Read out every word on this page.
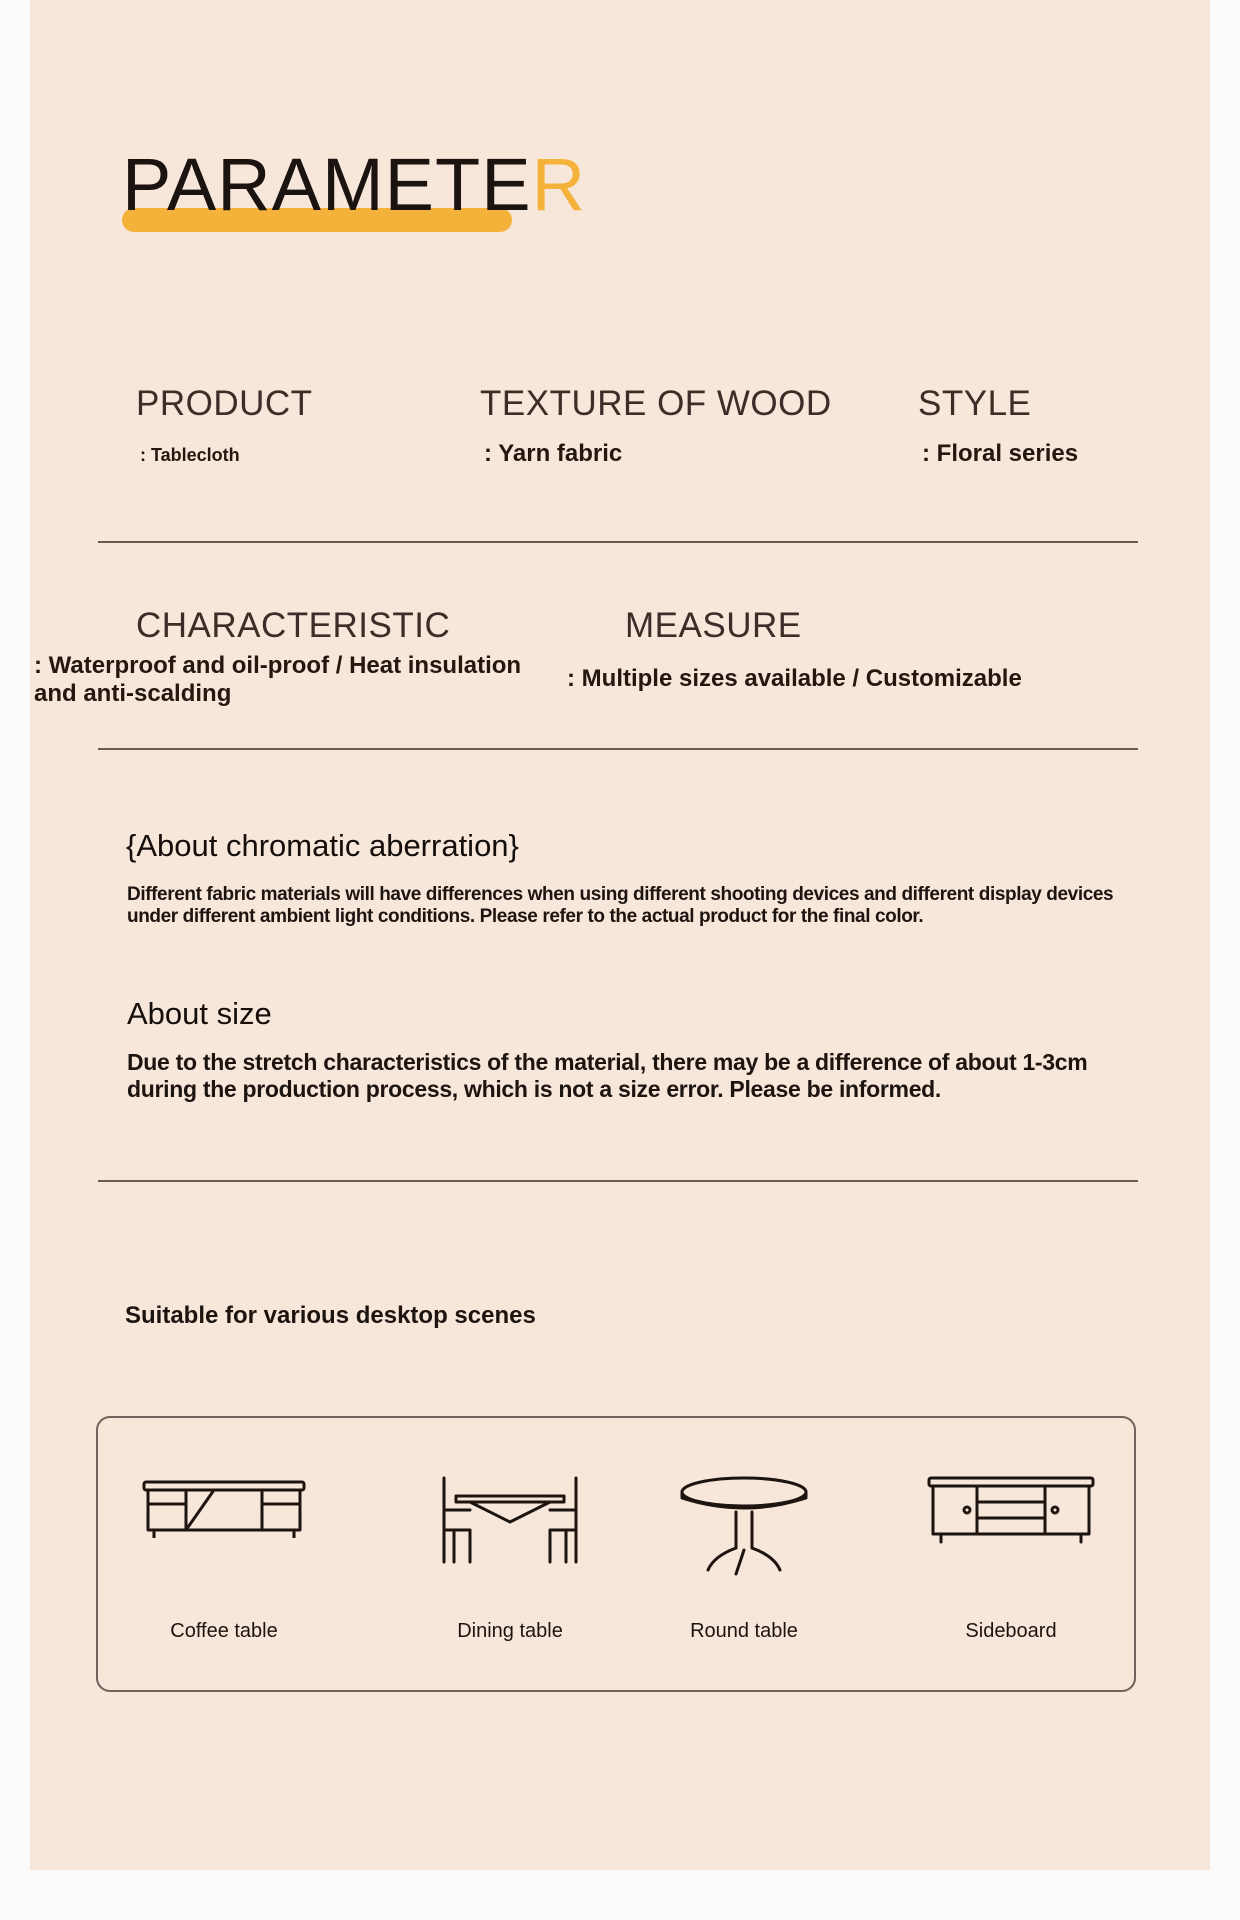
PARAMETER
PRODUCT
: Tablecloth
TEXTURE OF WOOD
: Yarn fabric
STYLE
: Floral series
CHARACTERISTIC
: Waterproof and oil-proof / Heat insulation
and anti-scalding
MEASURE
: Multiple sizes available / Customizable
{About chromatic aberration}
Different fabric materials will have differences when using different shooting devices and different display devices
under different ambient light conditions. Please refer to the actual product for the final color.
About size
Due to the stretch characteristics of the material, there may be a difference of about 1-3cm
during the production process, which is not a size error. Please be informed.
Suitable for various desktop scenes
Coffee table	Dining table	Round table	Sideboard
